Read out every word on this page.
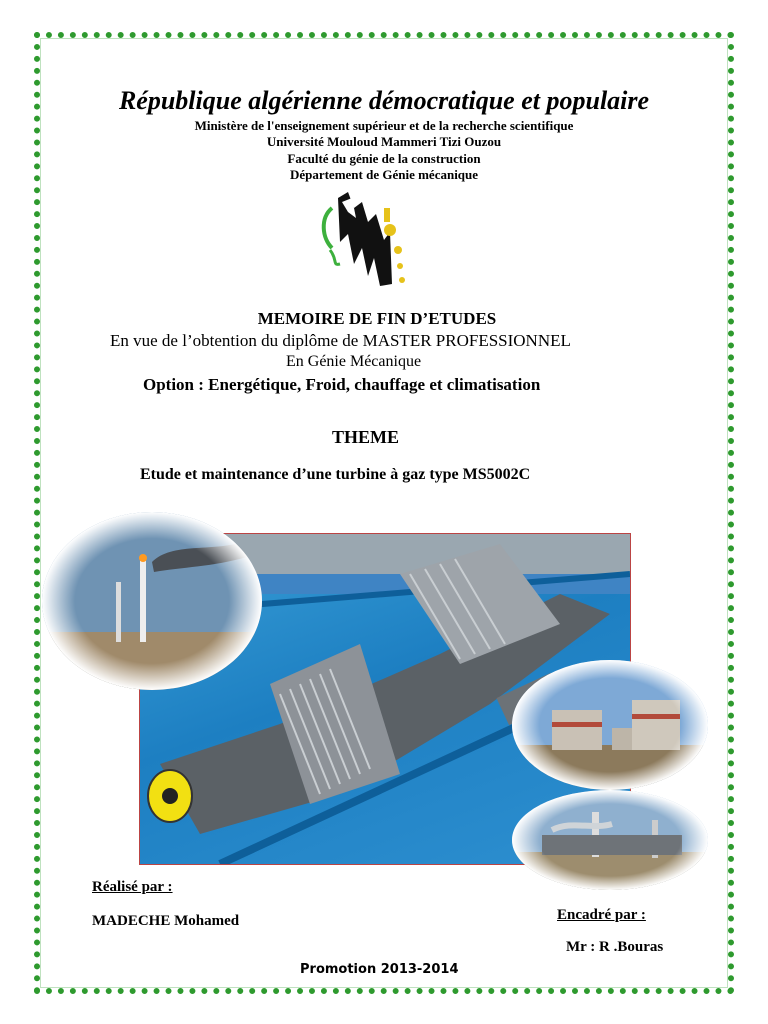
République algérienne démocratique et populaire
Ministère de l'enseignement supérieur et de la recherche scientifique
Université Mouloud Mammeri Tizi Ouzou
Faculté du génie de la construction
Département de Génie mécanique
MEMOIRE DE FIN D’ETUDES
En vue de l’obtention du diplôme de MASTER PROFESSIONNEL
En Génie Mécanique
Option : Energétique, Froid, chauffage et climatisation
THEME
Etude et maintenance d’une turbine à gaz type MS5002C
Réalisé par :
MADECHE Mohamed	Encadré par :
Mr : R .Bouras
Promotion 2013-2014
